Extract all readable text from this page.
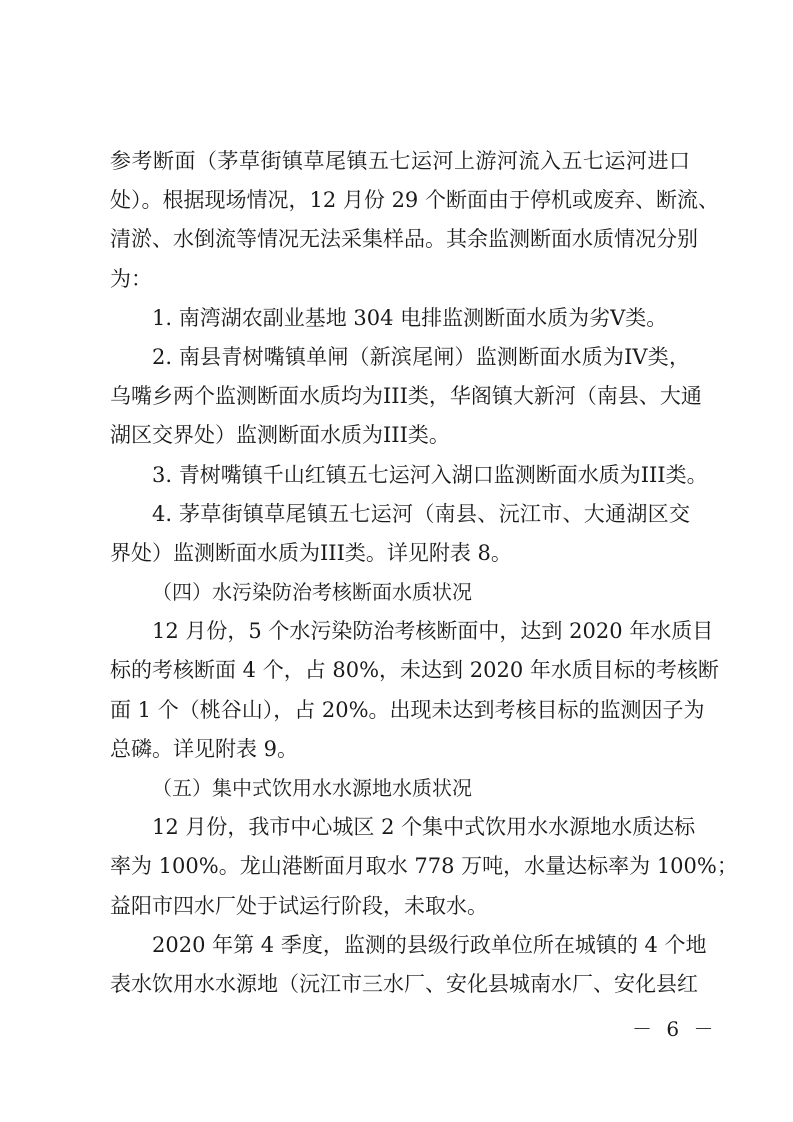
参考断面（茅草街镇草尾镇五七运河上游河流入五七运河进口
处）。根据现场情况，12 月份 29 个断面由于停机或废弃、断流、
清淤、水倒流等情况无法采集样品。其余监测断面水质情况分别
为：
1. 南湾湖农副业基地 304 电排监测断面水质为劣V类。
2. 南县青树嘴镇单闸（新滨尾闸）监测断面水质为IV类，
乌嘴乡两个监测断面水质均为III类，华阁镇大新河（南县、大通
湖区交界处）监测断面水质为III类。
3. 青树嘴镇千山红镇五七运河入湖口监测断面水质为III类。
4. 茅草街镇草尾镇五七运河（南县、沅江市、大通湖区交
界处）监测断面水质为III类。详见附表 8。
（四）水污染防治考核断面水质状况
12 月份，5 个水污染防治考核断面中，达到 2020 年水质目
标的考核断面 4 个，占 80%，未达到 2020 年水质目标的考核断
面 1 个（桃谷山），占 20%。出现未达到考核目标的监测因子为
总磷。详见附表 9。
（五）集中式饮用水水源地水质状况
12 月份，我市中心城区 2 个集中式饮用水水源地水质达标
率为 100%。龙山港断面月取水 778 万吨，水量达标率为 100%；
益阳市四水厂处于试运行阶段，未取水。
2020 年第 4 季度，监测的县级行政单位所在城镇的 4 个地
表水饮用水水源地（沅江市三水厂、安化县城南水厂、安化县红
－ 6 －
